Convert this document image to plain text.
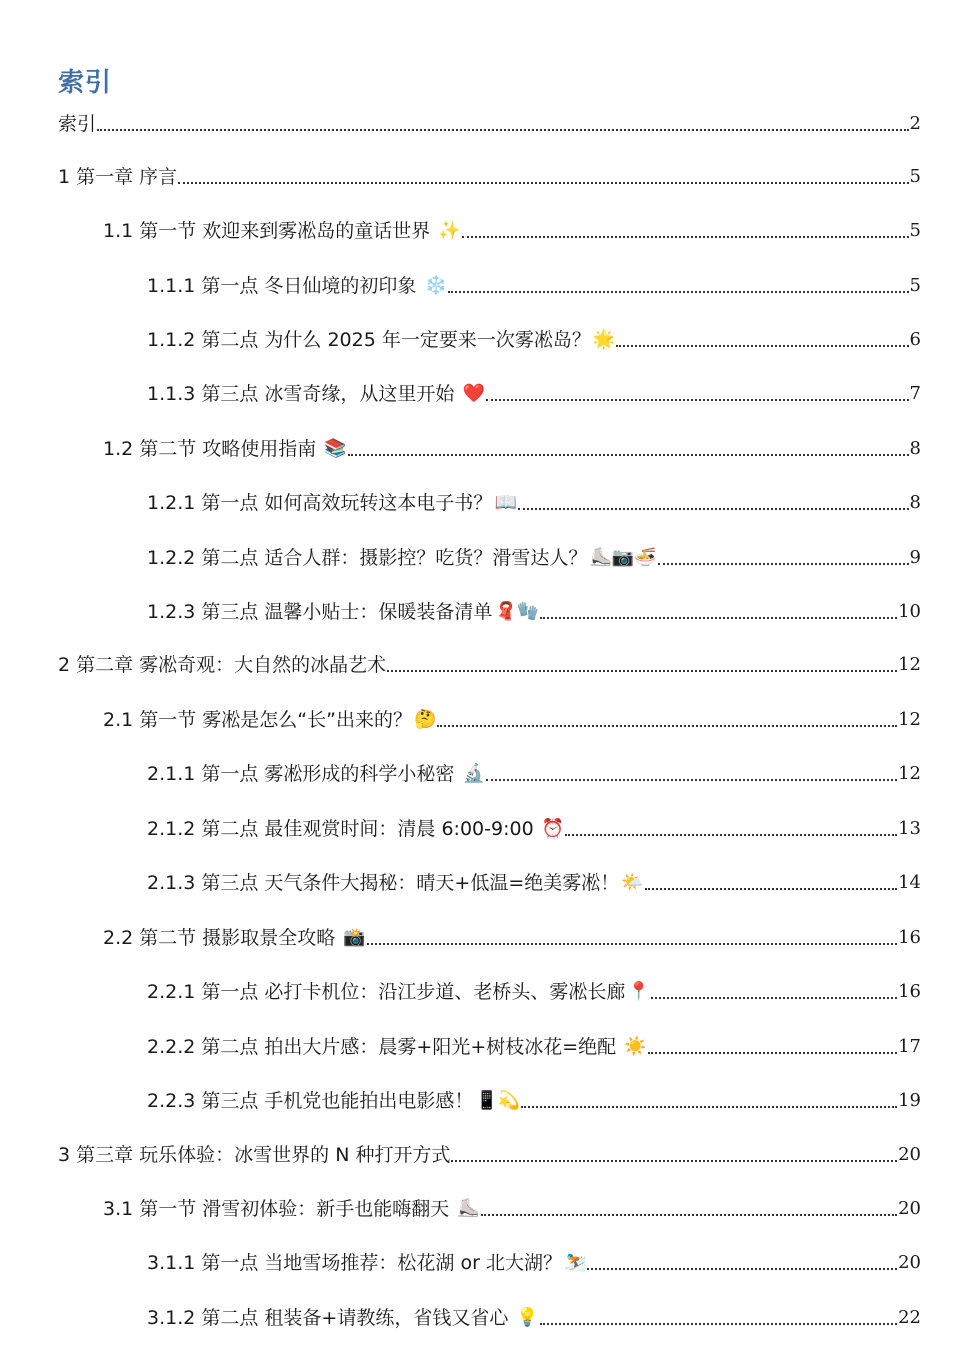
索引
索引	2
1 第一章 序言	5
1.1 第一节 欢迎来到雾凇岛的童话世界 ✨	5
1.1.1 第一点 冬日仙境的初印象 ❄️	5
1.1.2 第二点 为什么 2025 年一定要来一次雾凇岛？ 🌟	6
1.1.3 第三点 冰雪奇缘，从这里开始 ❤️	7
1.2 第二节 攻略使用指南 📚	8
1.2.1 第一点 如何高效玩转这本电子书？ 📖	8
1.2.2 第二点 适合人群：摄影控？吃货？滑雪达人？ ⛸️📷🍜	9
1.2.3 第三点 温馨小贴士：保暖装备清单 🧣🧤	10
2 第二章 雾凇奇观：大自然的冰晶艺术	12
2.1 第一节 雾凇是怎么“长”出来的？ 🤔	12
2.1.1 第一点 雾凇形成的科学小秘密 🔬	12
2.1.2 第二点 最佳观赏时间：清晨 6:00-9:00 ⏰	13
2.1.3 第三点 天气条件大揭秘：晴天+低温=绝美雾凇！ 🌤️	14
2.2 第二节 摄影取景全攻略 📸	16
2.2.1 第一点 必打卡机位：沿江步道、老桥头、雾凇长廊 📍	16
2.2.2 第二点 拍出大片感：晨雾+阳光+树枝冰花=绝配 ☀️	17
2.2.3 第三点 手机党也能拍出电影感！ 📱💫	19
3 第三章 玩乐体验：冰雪世界的 N 种打开方式	20
3.1 第一节 滑雪初体验：新手也能嗨翻天 ⛸️	20
3.1.1 第一点 当地雪场推荐：松花湖 or 北大湖？ ⛷️	20
3.1.2 第二点 租装备+请教练，省钱又省心 💡	22
